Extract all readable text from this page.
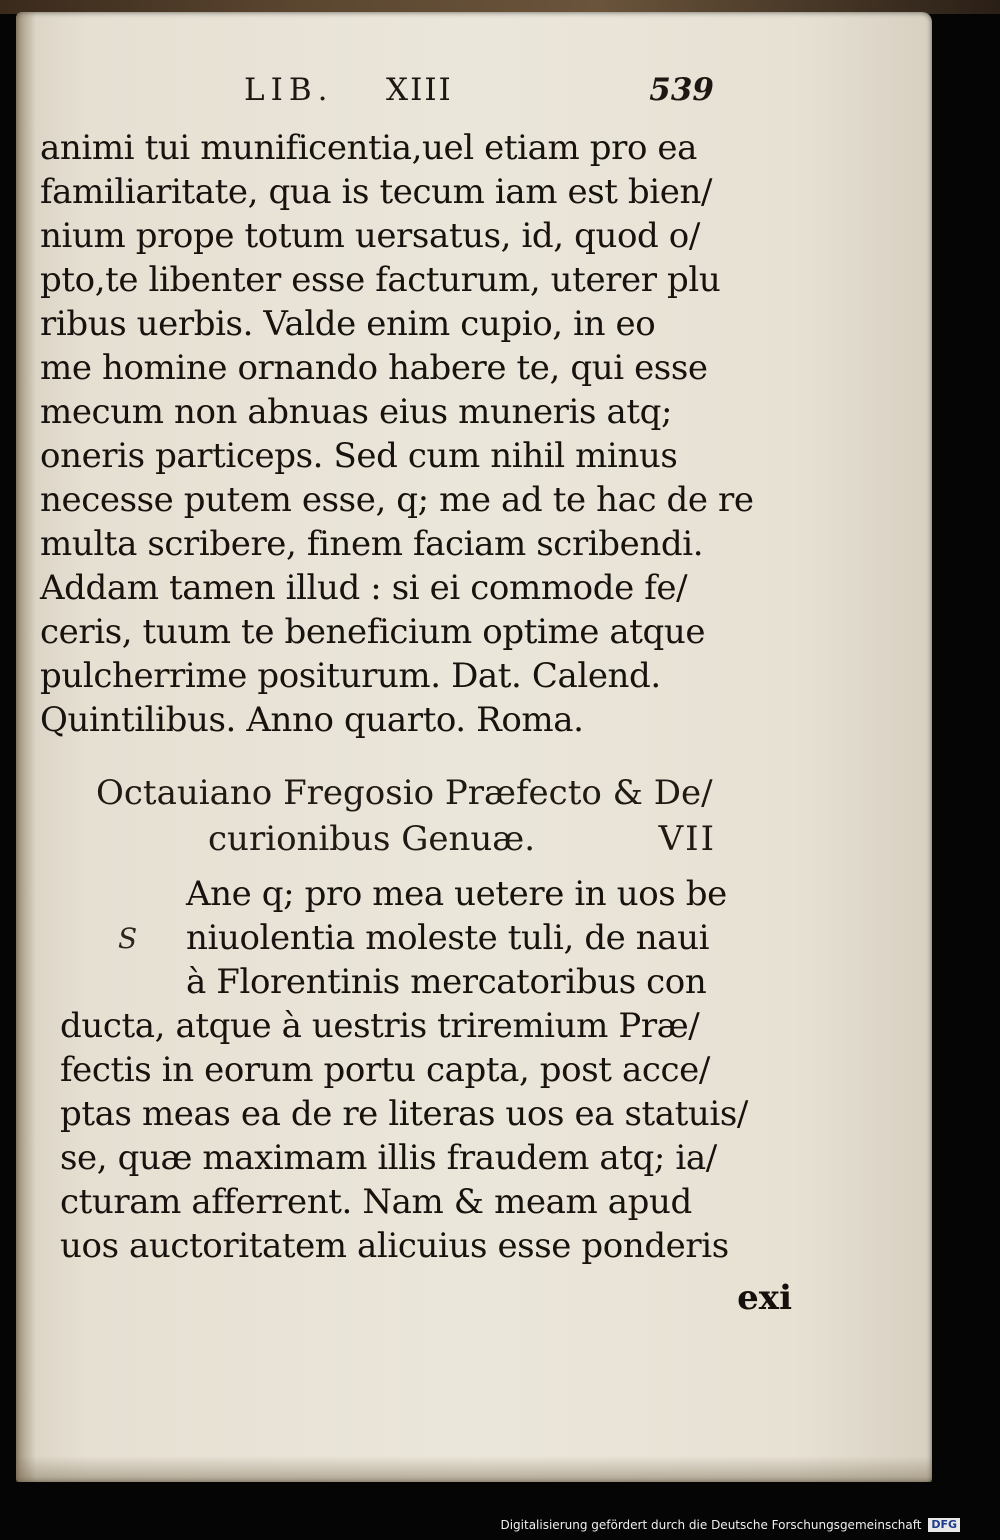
LIB. XIII	539
animi tui munificentia,uel etiam pro ea
familiaritate, qua is tecum iam est bien/
nium prope totum uersatus, id, quod o/
pto,te libenter esse facturum, uterer plu
ribus uerbis. Valde enim cupio, in eo
me homine ornando habere te, qui esse
mecum non abnuas eius muneris atq;
oneris particeps. Sed cum nihil minus
necesse putem esse, q; me ad te hac de re
multa scribere, finem faciam scribendi.
Addam tamen illud : si ei commode fe/
ceris, tuum te beneficium optime atque
pulcherrime positurum. Dat. Calend.
Quintilibus. Anno quarto. Roma.
Octauiano Fregosio Præfecto & De/
curionibus Genuæ.	VII
S
Ane q; pro mea uetere in uos be
niuolentia moleste tuli, de naui
à Florentinis mercatoribus con
ducta, atque à uestris triremium Præ/
fectis in eorum portu capta, post acce/
ptas meas ea de re literas uos ea statuis/
se, quæ maximam illis fraudem atq; ia/
cturam afferrent. Nam & meam apud
uos auctoritatem alicuius esse ponderis
exi
Digitalisierung gefördert durch die Deutsche Forschungsgemeinschaft DFG
